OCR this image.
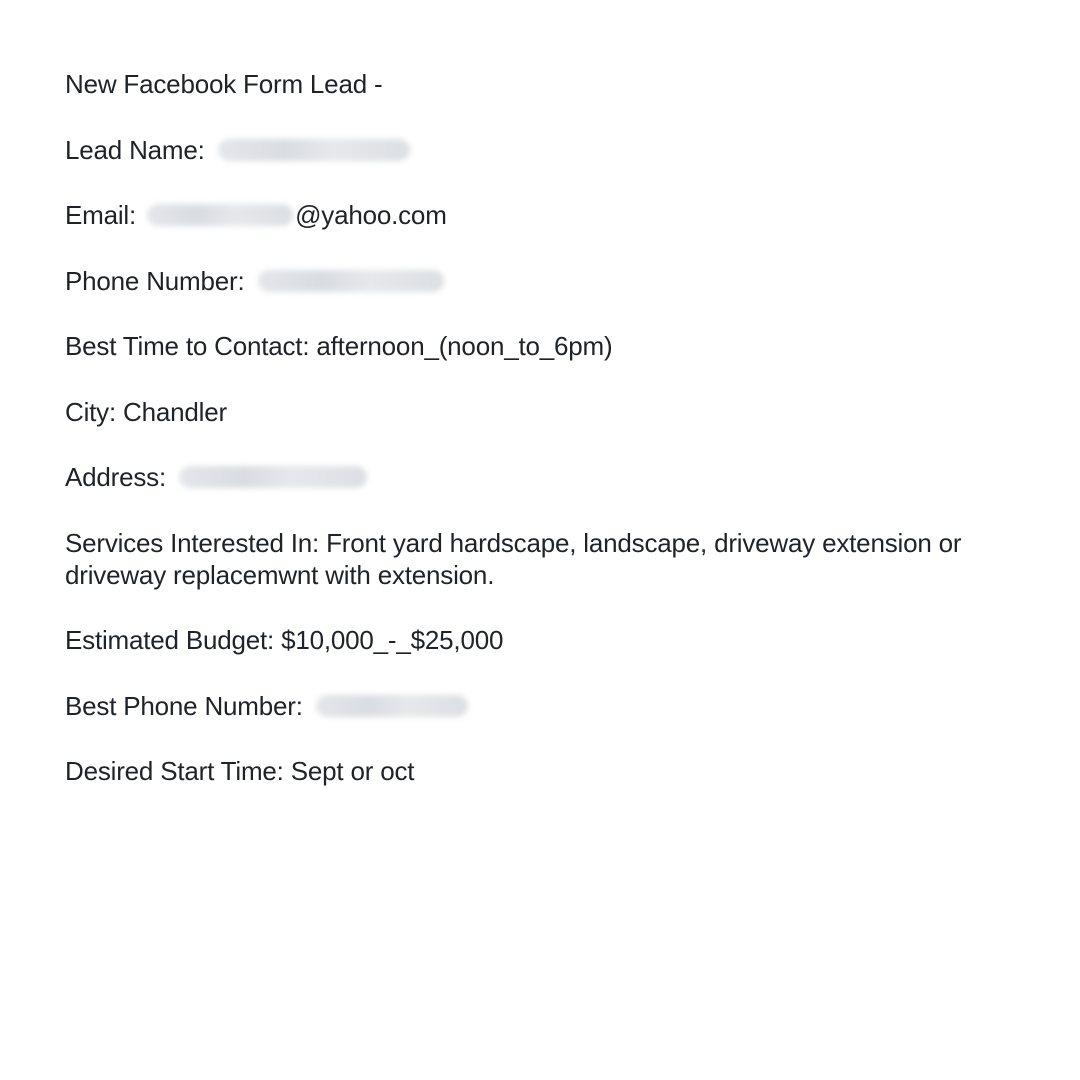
New Facebook Form Lead -
Lead Name:
Email:	@yahoo.com
Phone Number:
Best Time to Contact: afternoon_(noon_to_6pm)
City: Chandler
Address:
Services Interested In: Front yard hardscape, landscape, driveway extension or driveway replacemwnt with extension.
Estimated Budget: $10,000_-_$25,000
Best Phone Number:
Desired Start Time: Sept or oct
